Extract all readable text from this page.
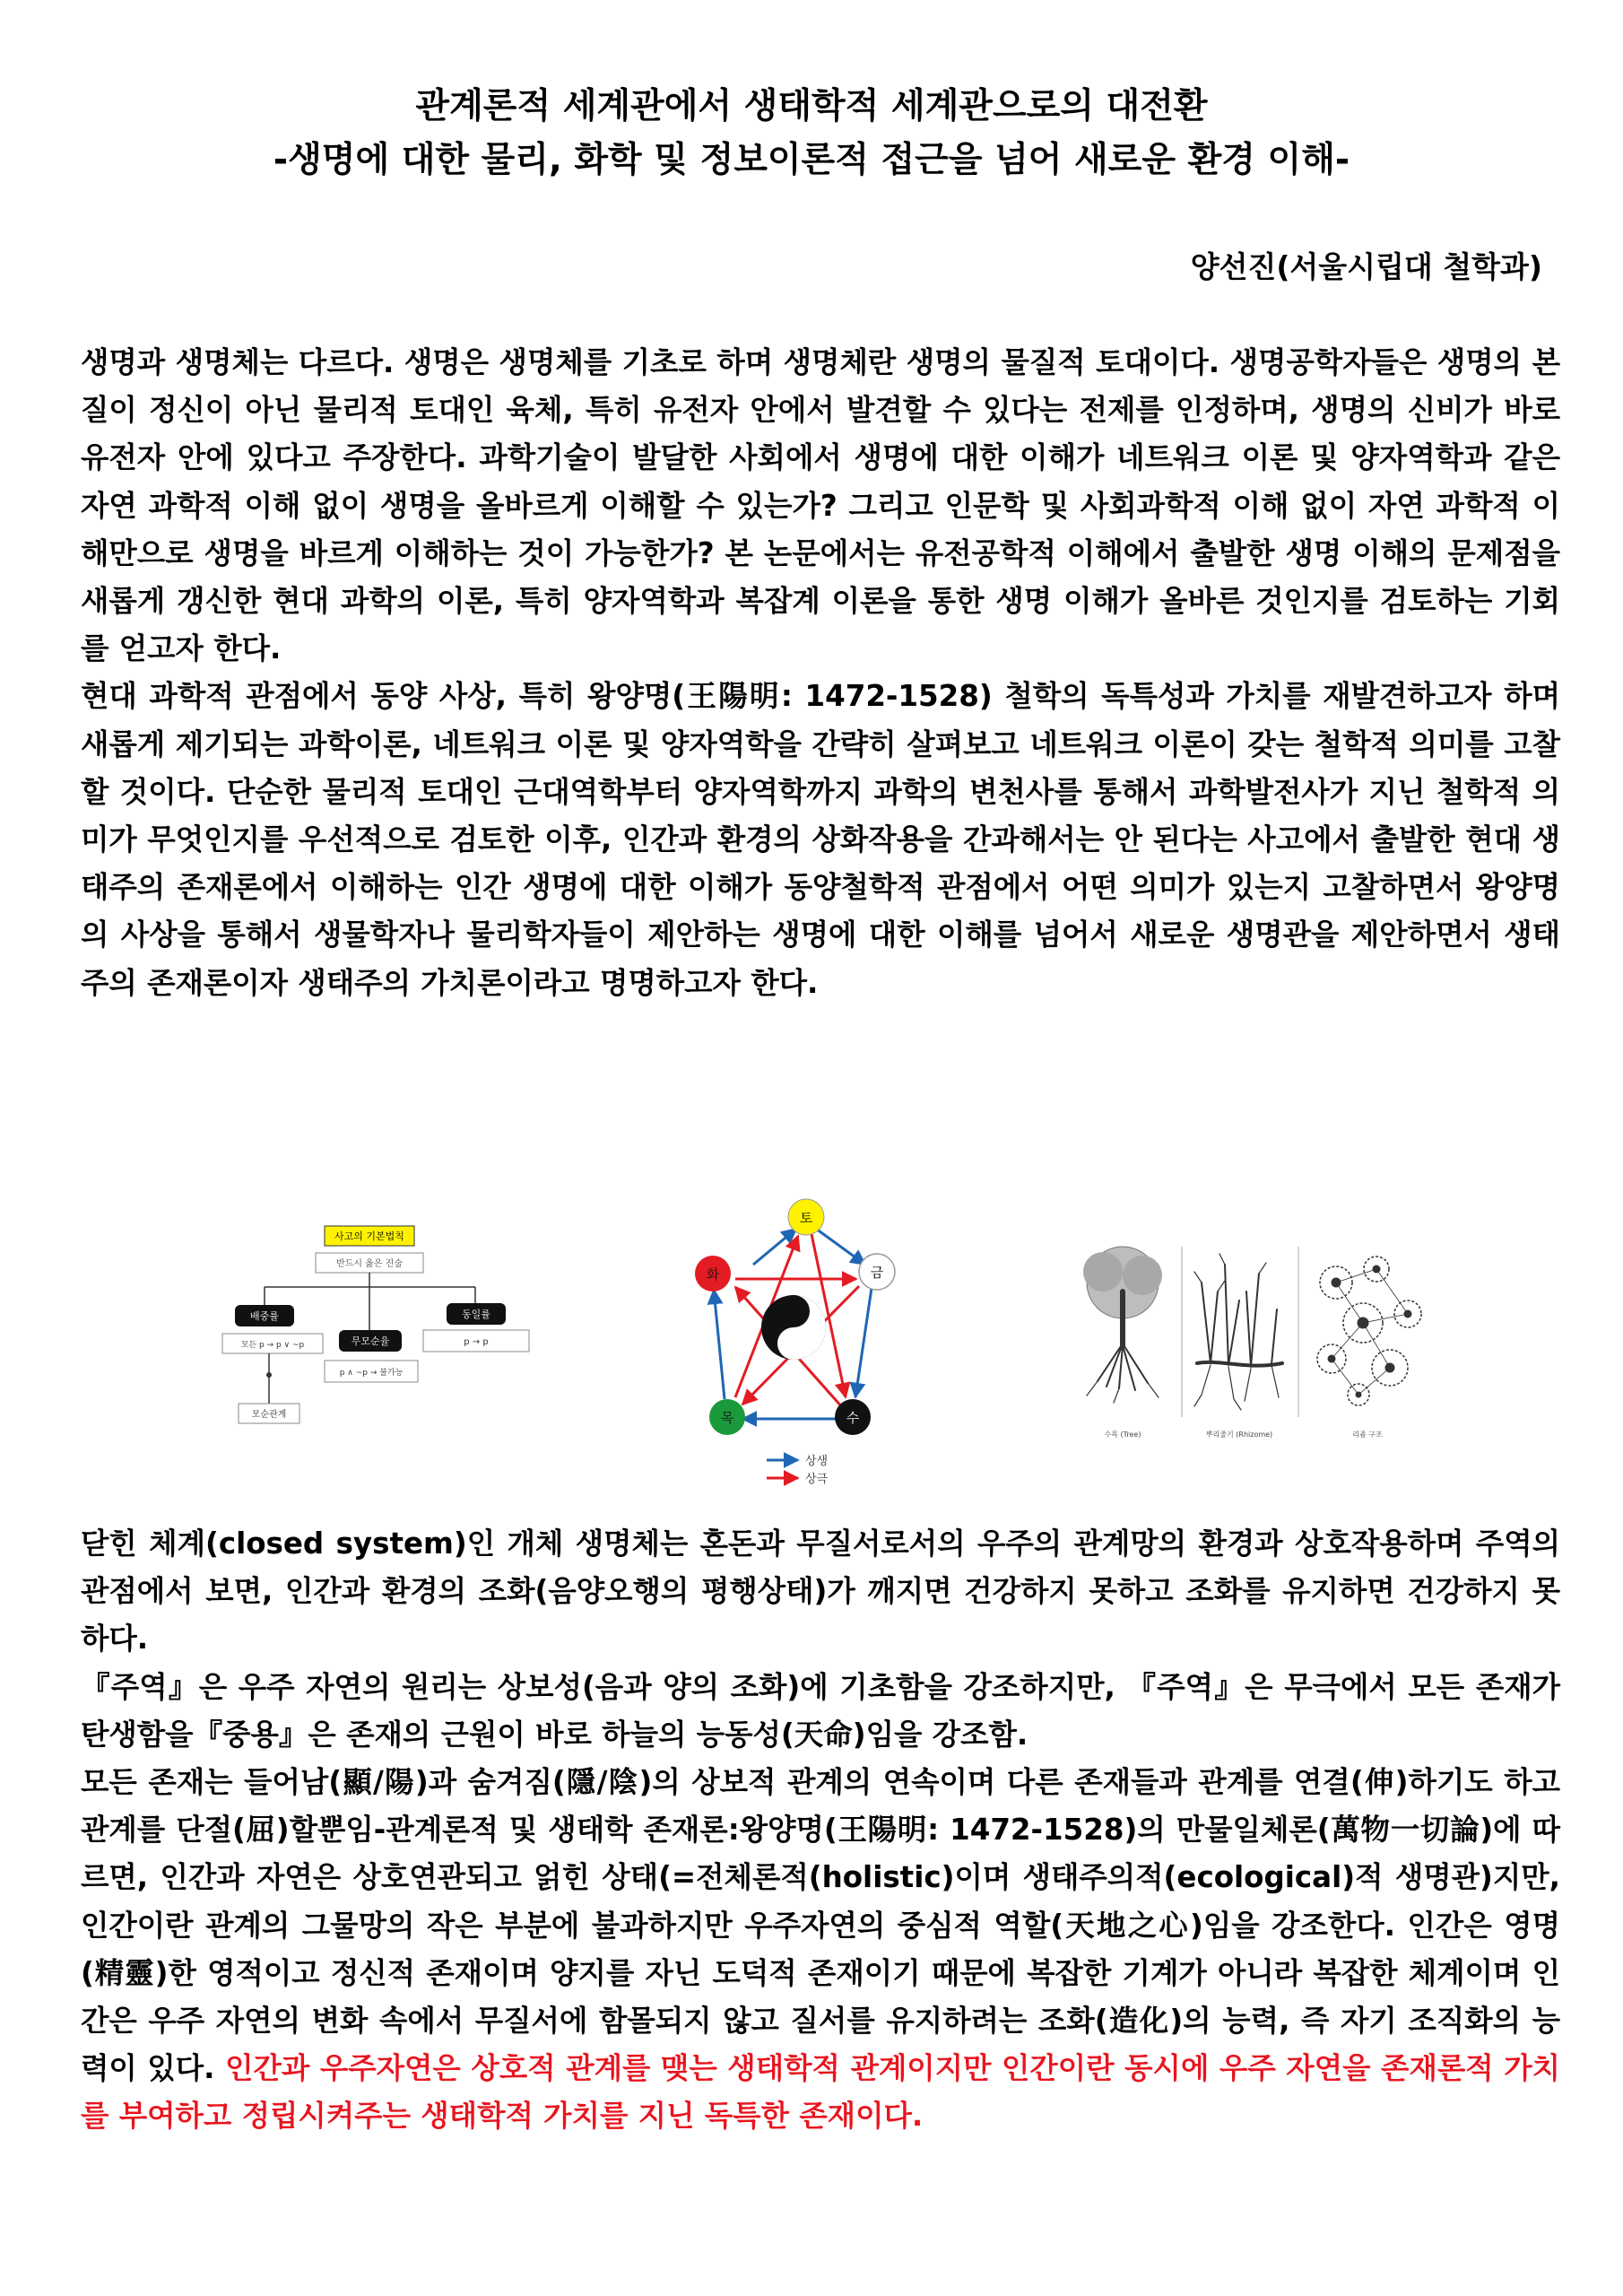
관계론적 세계관에서 생태학적 세계관으로의 대전환
-생명에 대한 물리, 화학 및 정보이론적 접근을 넘어 새로운 환경 이해-

양선진(서울시립대 철학과)

생명과 생명체는 다르다. 생명은 생명체를 기초로 하며 생명체란 생명의 물질적 토대이다. 생명공학자들은 생명의 본질이 정신이 아닌 물리적 토대인 육체, 특히 유전자 안에서 발견할 수 있다는 전제를 인정하며, 생명의 신비가 바로 유전자 안에 있다고 주장한다. 과학기술이 발달한 사회에서 생명에 대한 이해가 네트워크 이론 및 양자역학과 같은 자연 과학적 이해 없이 생명을 올바르게 이해할 수 있는가? 그리고 인문학 및 사회과학적 이해 없이 자연 과학적 이해만으로 생명을 바르게 이해하는 것이 가능한가? 본 논문에서는 유전공학적 이해에서 출발한 생명 이해의 문제점을 새롭게 갱신한 현대 과학의 이론, 특히 양자역학과 복잡계 이론을 통한 생명 이해가 올바른 것인지를 검토하는 기회를 얻고자 한다.

현대 과학적 관점에서 동양 사상, 특히 왕양명(王陽明: 1472-1528) 철학의 독특성과 가치를 재발견하고자 하며 새롭게 제기되는 과학이론, 네트워크 이론 및 양자역학을 간략히 살펴보고 네트워크 이론이 갖는 철학적 의미를 고찰할 것이다. 단순한 물리적 토대인 근대역학부터 양자역학까지 과학의 변천사를 통해서 과학발전사가 지닌 철학적 의미가 무엇인지를 우선적으로 검토한 이후, 인간과 환경의 상화작용을 간과해서는 안 된다는 사고에서 출발한 현대 생태주의 존재론에서 이해하는 인간 생명에 대한 이해가 동양철학적 관점에서 어떤 의미가 있는지 고찰하면서 왕양명의 사상을 통해서 생물학자나 물리학자들이 제안하는 생명에 대한 이해를 넘어서 새로운 생명관을 제안하면서 생태주의 존재론이자 생태주의 가치론이라고 명명하고자 한다.

사고의 기본법칙
반드시 옳은 진술
배중률
모든 p → p ∨ ~p
동일률
p → p
무모순율
p ∧ ~p → 불가능
모순관계
토
금
수
목
화
상생
상극
수목 (Tree)	뿌리줄기 (Rhizome)	리좀 구조

닫힌 체계(closed system)인 개체 생명체는 혼돈과 무질서로서의 우주의 관계망의 환경과 상호작용하며 주역의 관점에서 보면, 인간과 환경의 조화(음양오행의 평행상태)가 깨지면 건강하지 못하고 조화를 유지하면 건강하지 못하다.

『주역』은 우주 자연의 원리는 상보성(음과 양의 조화)에 기초함을 강조하지만, 『주역』은 무극에서 모든 존재가 탄생함을『중용』은 존재의 근원이 바로 하늘의 능동성(天命)임을 강조함.

모든 존재는 들어남(顯/陽)과 숨겨짐(隱/陰)의 상보적 관계의 연속이며 다른 존재들과 관계를 연결(伸)하기도 하고 관계를 단절(屈)할뿐임-관계론적 및 생태학 존재론:왕양명(王陽明: 1472-1528)의 만물일체론(萬物一切論)에 따르면, 인간과 자연은 상호연관되고 얽힌 상태(=전체론적(holistic)이며 생태주의적(ecological)적 생명관)지만, 인간이란 관계의 그물망의 작은 부분에 불과하지만 우주자연의 중심적 역할(天地之心)임을 강조한다. 인간은 영명(精靈)한 영적이고 정신적 존재이며 양지를 자닌 도덕적 존재이기 때문에 복잡한 기계가 아니라 복잡한 체계이며 인간은 우주 자연의 변화 속에서 무질서에 함몰되지 않고 질서를 유지하려는 조화(造化)의 능력, 즉 자기 조직화의 능력이 있다. 인간과 우주자연은 상호적 관계를 맺는 생태학적 관계이지만 인간이란 동시에 우주 자연을 존재론적 가치를 부여하고 정립시켜주는 생태학적 가치를 지닌 독특한 존재이다.
